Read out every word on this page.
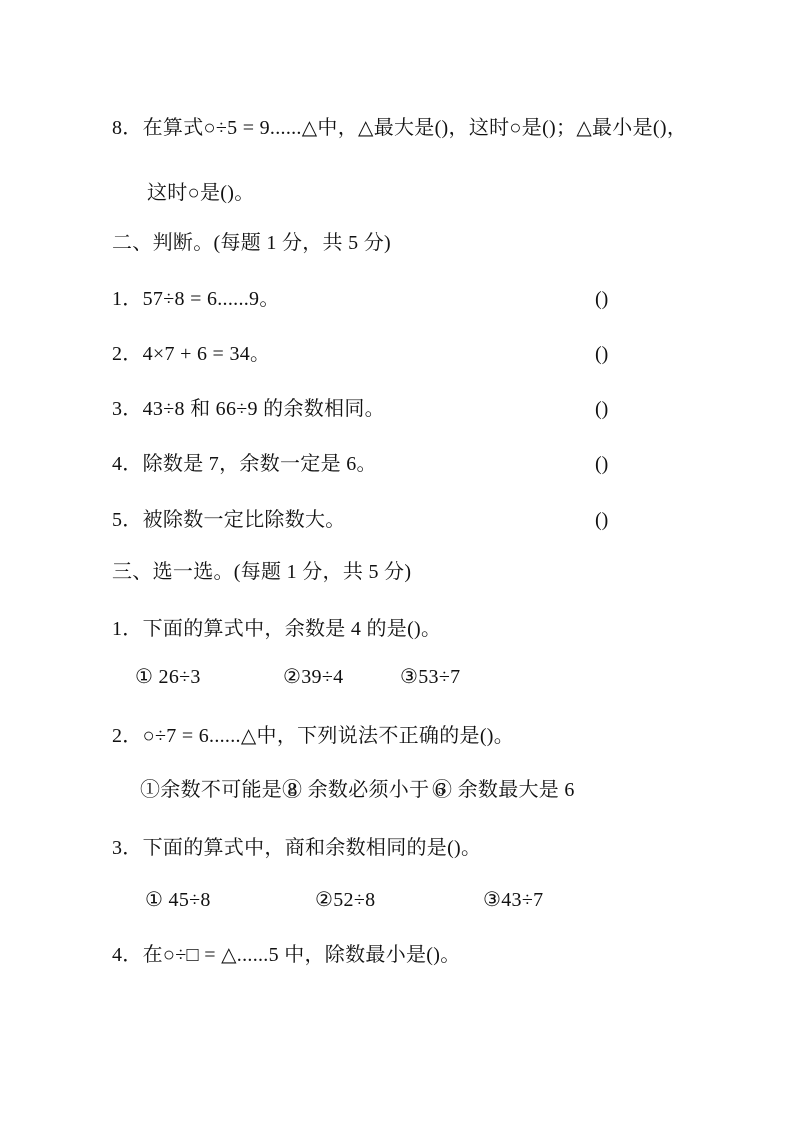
8．在算式○÷5 = 9......△中，△最大是()，这时○是()；△最小是()，
这时○是()。
二、判断。(每题 1 分，共 5 分)
1．57÷8 = 6......9。	()
2．4×7 + 6 = 34。	()
3．43÷8 和 66÷9 的余数相同。	()
4．除数是 7，余数一定是 6。	()
5．被除数一定比除数大。	()
三、选一选。(每题 1 分，共 5 分)
1．下面的算式中，余数是 4 的是()。
① 26÷3	②39÷4	③53÷7
2．○÷7 = 6......△中，下列说法不正确的是()。
①余数不可能是 8
② 余数必须小于 6
③ 余数最大是 6
3．下面的算式中，商和余数相同的是()。
① 45÷8	②52÷8	③43÷7
4．在○÷□ = △......5 中，除数最小是()。
